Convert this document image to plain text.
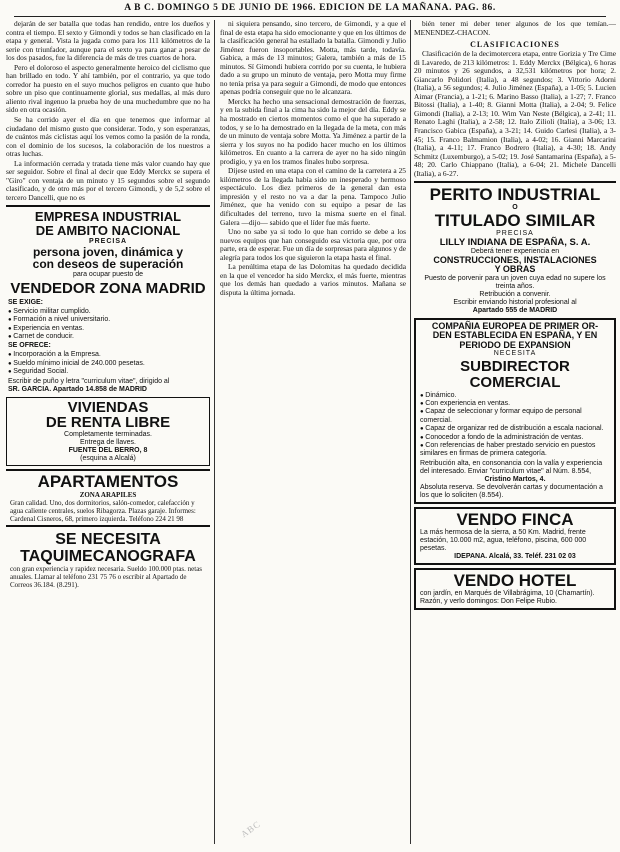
A B C. DOMINGO 5 DE JUNIO DE 1966. EDICION DE LA MAÑANA. PAG. 86.

dejarán de ser batalla que todas han rendido, entre los dueños y contra el tiempo. El sexto y Gimondi y todos se han clasificado en la etapa y general. Vista la jugada como para los 111 kilómetros de la serie con triunfador, aunque para el sexto ya para ganar a pesar de los dos pasados, fue la diferencia de más de tres cuartos de hora.

Pero el doloroso el aspecto generalmente heroico del ciclismo que han brillado en todo. Y ahí también, por el contrario, ya que todo corredor ha puesto en el suyo muchos peligros en cuanto que hubo sobre un piso que continuamente glorial, sus medallas, al más duro aliento rival ingenuo la prueba hoy de una muchedumbre que no ha sido en otra ocasión.

Se ha corrido ayer el día en que tenemos que informar al ciudadano del mismo gusto que considerar. Todo, y son esperanzas, de cuántos más ciclistas aquí los vemos como la pasión de la ronda, con el dominio de los sucesos, la colaboración de los nuestros a otras luchas.

La información cerrada y tratada tiene más valor cuando hay que ser seguidor. Sobre el final al decir que Eddy Merckx se supera el "Giro" con ventaja de un minuto y 15 segundos sobre el segundo clasificado, y de otro más por el tercero Gimondi, y de 5,2 sobre el tercero Dancelli, que no es

EMPRESA INDUSTRIAL
DE AMBITO NACIONAL
PRECISA
persona joven, dinámica y
con deseos de superación
para ocupar puesto de
VENDEDOR ZONA MADRID
SE EXIGE:
● Servicio militar cumplido.
● Formación a nivel universitario.
● Experiencia en ventas.
● Carnet de conducir.
SE OFRECE:
● Incorporación a la Empresa.
● Sueldo mínimo inicial de 240.000 pesetas.
● Seguridad Social.
Escribir de puño y letra "curriculum vitae", dirigido al
SR. GARCIA. Apartado 14.858 de MADRID
VIVIENDAS
DE RENTA LIBRE
Completamente terminadas.
Entrega de llaves.
FUENTE DEL BERRO, 8
(esquina a Alcalá)
APARTAMENTOS
ZONA ARAPILES
Gran calidad. Uno, dos dormitorios, salón-comedor, calefacción y agua caliente centrales, suelos Ribagorza. Plazas garaje. Informes: Cardenal Cisneros, 68, primero izquierda. Teléfono 224 21 98
SE NECESITA
TAQUIMECANOGRAFA
con gran experiencia y rapidez necesaria. Sueldo 100.000 ptas. netas anuales. Llamar al teléfono 231 75 76 o escribir al Apartado de Correos 36.184. (8.291).

ni siquiera pensando, sino tercero, de Gimondi, y a que el final de esta etapa ha sido emocionante y que en los últimos de la clasificación general ha estallado la batalla. Gimondi y Julio Jiménez fueron insoportables. Motta, más tarde, todavía. Gabica, a más de 13 minutos; Galera, también a más de 15 minutos. Sí Gimondi hubiera corrido por su cuenta, le hubiera dado a su grupo un minuto de ventaja, pero Motta muy firme no tenía prisa ya para seguir a Gimondi, de modo que entonces apenas podría conseguir que no le alcanzara.

Merckx ha hecho una sensacional demostración de fuerzas, y en la subida final a la cima ha sido la mejor del día. Eddy se ha mostrado en ciertos momentos como el que ha superado a todos, y se lo ha demostrado en la llegada de la meta, con más de un minuto de ventaja sobre Motta. Ya Jiménez a partir de la sierra y los suyos no ha podido hacer mucho en los últimos kilómetros. En cuanto a la carrera de ayer no ha sido ningún prodigio, y ya en los tramos finales hubo sorpresa.

Dijese usted en una etapa con el camino de la carretera a 25 kilómetros de la llegada había sido un inesperado y hermoso espectáculo. Los diez primeros de la general dan esta impresión y el resto no va a dar la pena. Tampoco Julio Jiménez, que ha venido con su equipo a pesar de las dificultades del terreno, tuvo la misma suerte en el final. Galera —dijo— sabido que el líder fue más fuerte.

Uno no sabe ya si todo lo que han corrido se debe a los nuevos equipos que han conseguido esa victoria que, por otra parte, era de esperar. Fue un día de sorpresas para algunos y de alegría para todos los que siguieron la etapa hasta el final.

La penúltima etapa de las Dolomitas ha quedado decidida en la que el vencedor ha sido Merckx, el más fuerte, mientras que los demás han quedado a varios minutos. Mañana se disputa la última jornada.

ABC

bién tener mi deber tener algunos de los que temían.—MENENDEZ-CHACON.

CLASIFICACIONES

Clasificación de la decimotercera etapa, entre Gorizia y Tre Cime di Lavaredo, de 213 kilómetros: 1. Eddy Merckx (Bélgica), 6 horas 20 minutos y 26 segundos, a 32,531 kilómetros por hora; 2. Giancarlo Polidori (Italia), a 48 segundos; 3. Vittorio Adorni (Italia), a 56 segundos; 4. Julio Jiménez (España), a 1-05; 5. Lucien Aimar (Francia), a 1-21; 6. Marino Basso (Italia), a 1-27; 7. Franco Bitossi (Italia), a 1-40; 8. Gianni Motta (Italia), a 2-04; 9. Felice Gimondi (Italia), a 2-13; 10. Wim Van Neste (Bélgica), a 2-41; 11. Renato Laghi (Italia), a 2-58; 12. Italo Zilioli (Italia), a 3-06; 13. Francisco Gabica (España), a 3-21; 14. Guido Carlesi (Italia), a 3-45; 15. Franco Balmamion (Italia), a 4-02; 16. Gianni Marcarini (Italia), a 4-11; 17. Franco Bodrero (Italia), a 4-30; 18. Andy Schmitz (Luxemburgo), a 5-02; 19. José Santamarina (España), a 5-48; 20. Carlo Chiappano (Italia), a 6-04; 21. Michele Dancelli (Italia), a 6-27.

PERITO INDUSTRIAL
O
TITULADO SIMILAR
PRECISA
LILLY INDIANA DE ESPAÑA, S. A.
Deberá tener experiencia en
CONSTRUCCIONES, INSTALACIONES
Y OBRAS
Puesto de porvenir para un joven cuya edad no supere los treinta años.
Retribución a convenir.
Escribir enviando historial profesional al
Apartado 555 de MADRID
COMPAÑIA EUROPEA DE PRIMER OR-
DEN ESTABLECIDA EN ESPAÑA, Y EN
PERIODO DE EXPANSION
NECESITA
SUBDIRECTOR COMERCIAL
● Dinámico.
● Con experiencia en ventas.
● Capaz de seleccionar y formar equipo de personal comercial.
● Capaz de organizar red de distribución a escala nacional.
● Conocedor a fondo de la administración de ventas.
● Con referencias de haber prestado servicio en puestos similares en firmas de primera categoría.
Retribución alta, en consonancia con la valía y experiencia del interesado. Enviar "curriculum vitae" al Núm. 8.554,
Cristino Martos, 4.
Absoluta reserva. Se devolverán cartas y documentación a los que lo soliciten (8.554).
VENDO FINCA
La más hermosa de la sierra, a 50 Km. Madrid, frente estación, 10.000 m2, agua, teléfono, piscina, 600 000 pesetas.
IDEPANA. Alcalá, 33. Teléf. 231 02 03
VENDO HOTEL
con jardín, en Marqués de Villabrágima, 10 (Chamartín). Razón, y verlo domingos: Don Felipe Rubio.
